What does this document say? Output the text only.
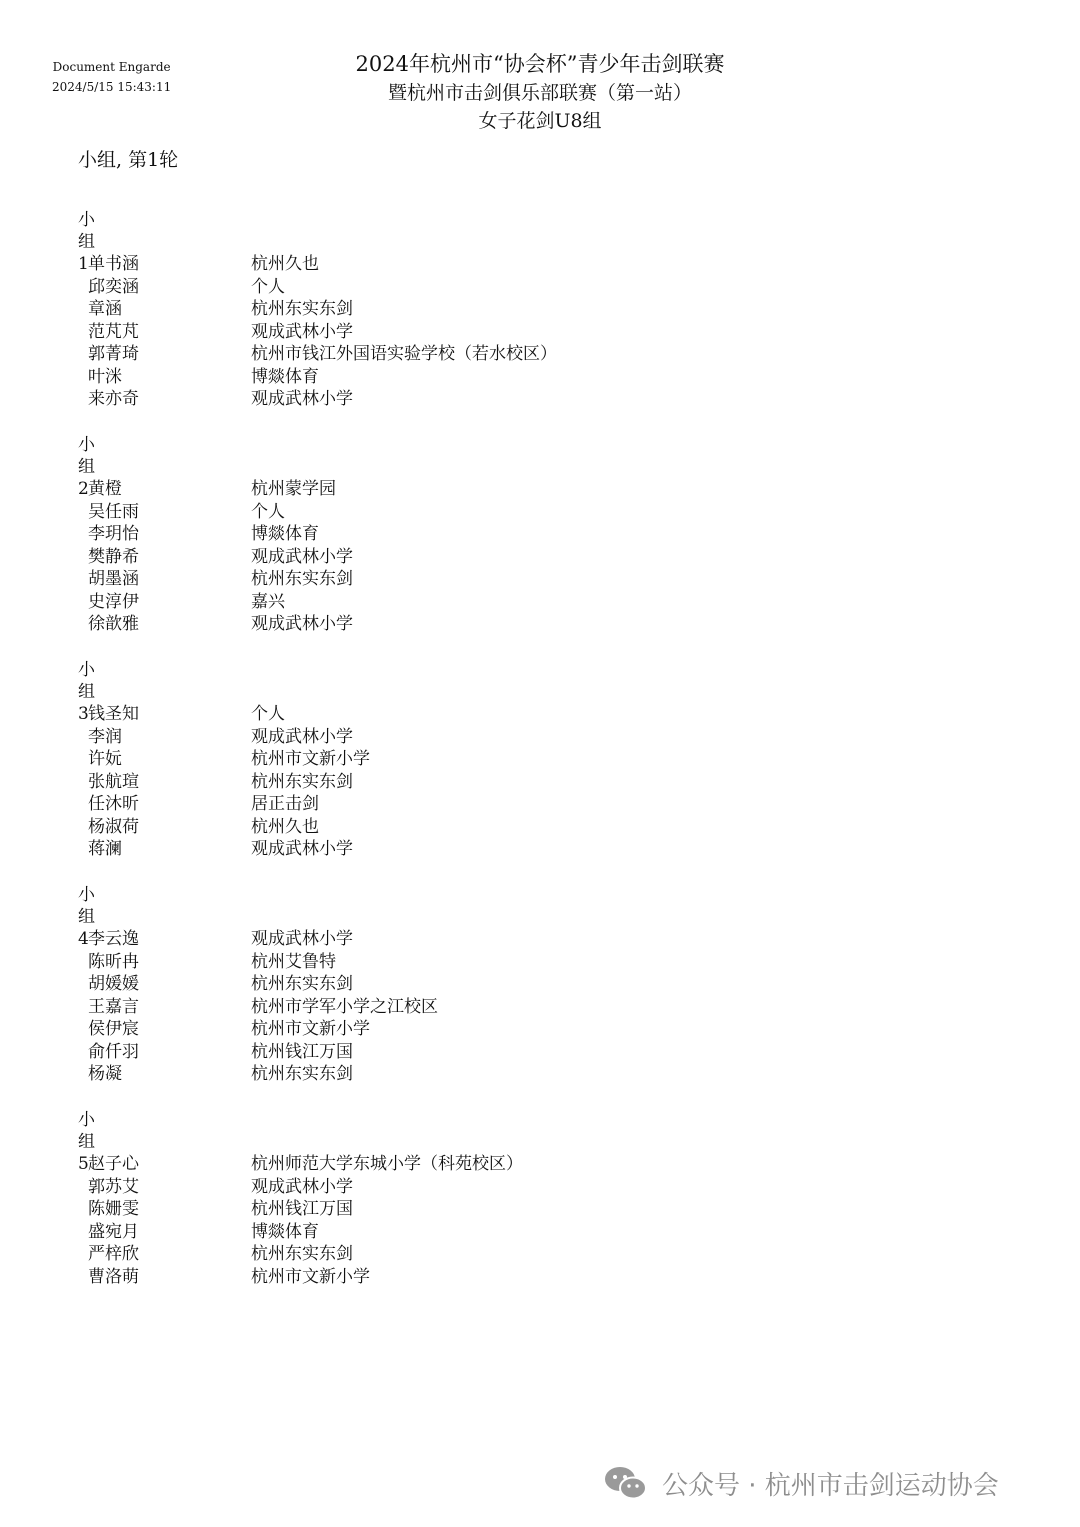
Document Engarde
2024/5/15 15:43:11
2024年杭州市“协会杯”青少年击剑联赛
暨杭州市击剑俱乐部联赛（第一站）
女子花剑U8组
小组, 第1轮
小组1 单书涵	杭州久也
邱奕涵	个人
章涵	杭州东实东剑
范芃芃	观成武林小学
郭菁琦	杭州市钱江外国语实验学校（若水校区）
叶洣	博燚体育
来亦奇	观成武林小学
小组2 黄橙	杭州蒙学园
吴任雨	个人
李玥怡	博燚体育
樊静希	观成武林小学
胡墨涵	杭州东实东剑
史淳伊	嘉兴
徐歆雅	观成武林小学
小组3 钱圣知	个人
李润	观成武林小学
许妧	杭州市文新小学
张航瑄	杭州东实东剑
任沐昕	居正击剑
杨淑荷	杭州久也
蒋澜	观成武林小学
小组4 李云逸	观成武林小学
陈昕冉	杭州艾鲁特
胡媛媛	杭州东实东剑
王嘉言	杭州市学军小学之江校区
侯伊宸	杭州市文新小学
俞仟羽	杭州钱江万国
杨凝	杭州东实东剑
小组5 赵子心	杭州师范大学东城小学（科苑校区）
郭苏艾	观成武林小学
陈姗雯	杭州钱江万国
盛宛月	博燚体育
严梓欣	杭州东实东剑
曹洛萌	杭州市文新小学
公众号 · 杭州市击剑运动协会
